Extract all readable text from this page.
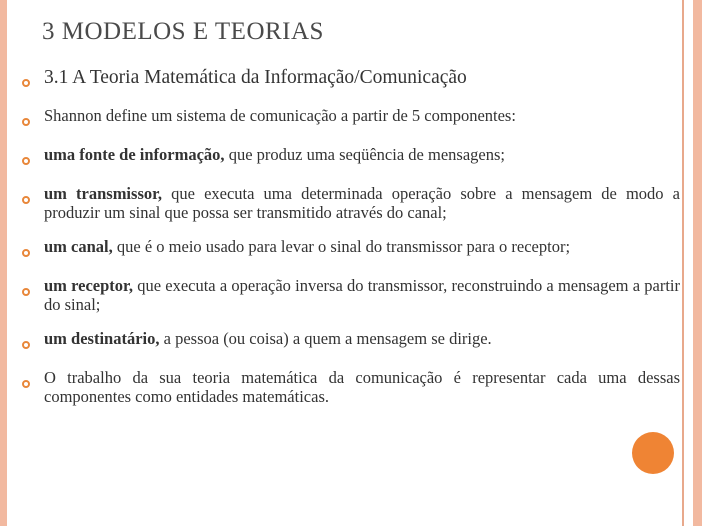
3 MODELOS E TEORIAS
3.1 A Teoria Matemática da Informação/Comunicação
Shannon define um sistema de comunicação a partir de 5 componentes:
uma fonte de informação, que produz uma seqüência de mensagens;
um transmissor, que executa uma determinada operação sobre a mensagem de modo a produzir um sinal que possa ser transmitido através do canal;
um canal, que é o meio usado para levar o sinal do transmissor para o receptor;
um receptor, que executa a operação inversa do transmissor, reconstruindo a mensagem a partir do sinal;
um destinatário, a pessoa (ou coisa) a quem a mensagem se dirige.
O trabalho da sua teoria matemática da comunicação é representar cada uma dessas componentes como entidades matemáticas.
